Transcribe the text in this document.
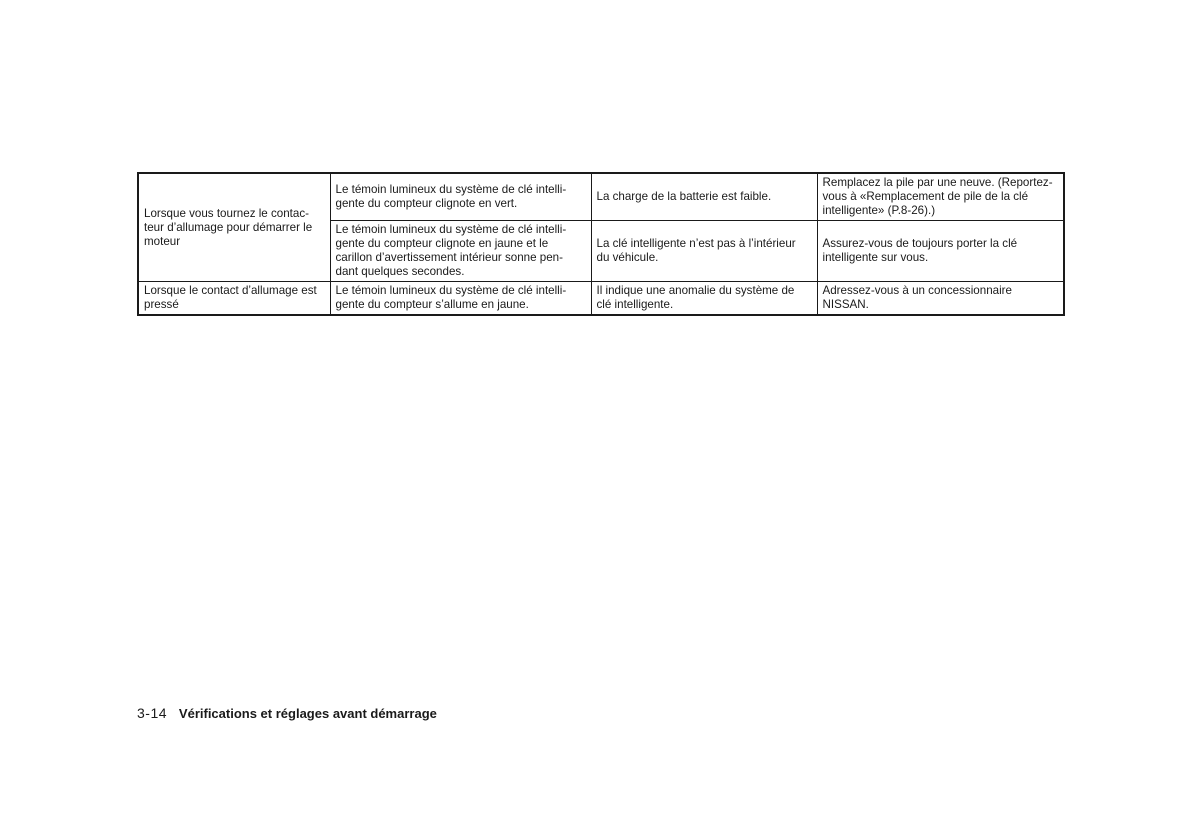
Lorsque vous tournez le contac-
teur d’allumage pour démarrer le
moteur	Le témoin lumineux du système de clé intelli-
gente du compteur clignote en vert.	La charge de la batterie est faible.	Remplacez la pile par une neuve. (Reportez-
vous à «Remplacement de pile de la clé
intelligente» (P.8-26).)
	Le témoin lumineux du système de clé intelli-
gente du compteur clignote en jaune et le
carillon d’avertissement intérieur sonne pen-
dant quelques secondes.	La clé intelligente n’est pas à l’intérieur
du véhicule.	Assurez-vous de toujours porter la clé
intelligente sur vous.
Lorsque le contact d’allumage est
pressé	Le témoin lumineux du système de clé intelli-
gente du compteur s’allume en jaune.	Il indique une anomalie du système de
clé intelligente.	Adressez-vous à un concessionnaire
NISSAN.
3-14 Vérifications et réglages avant démarrage
